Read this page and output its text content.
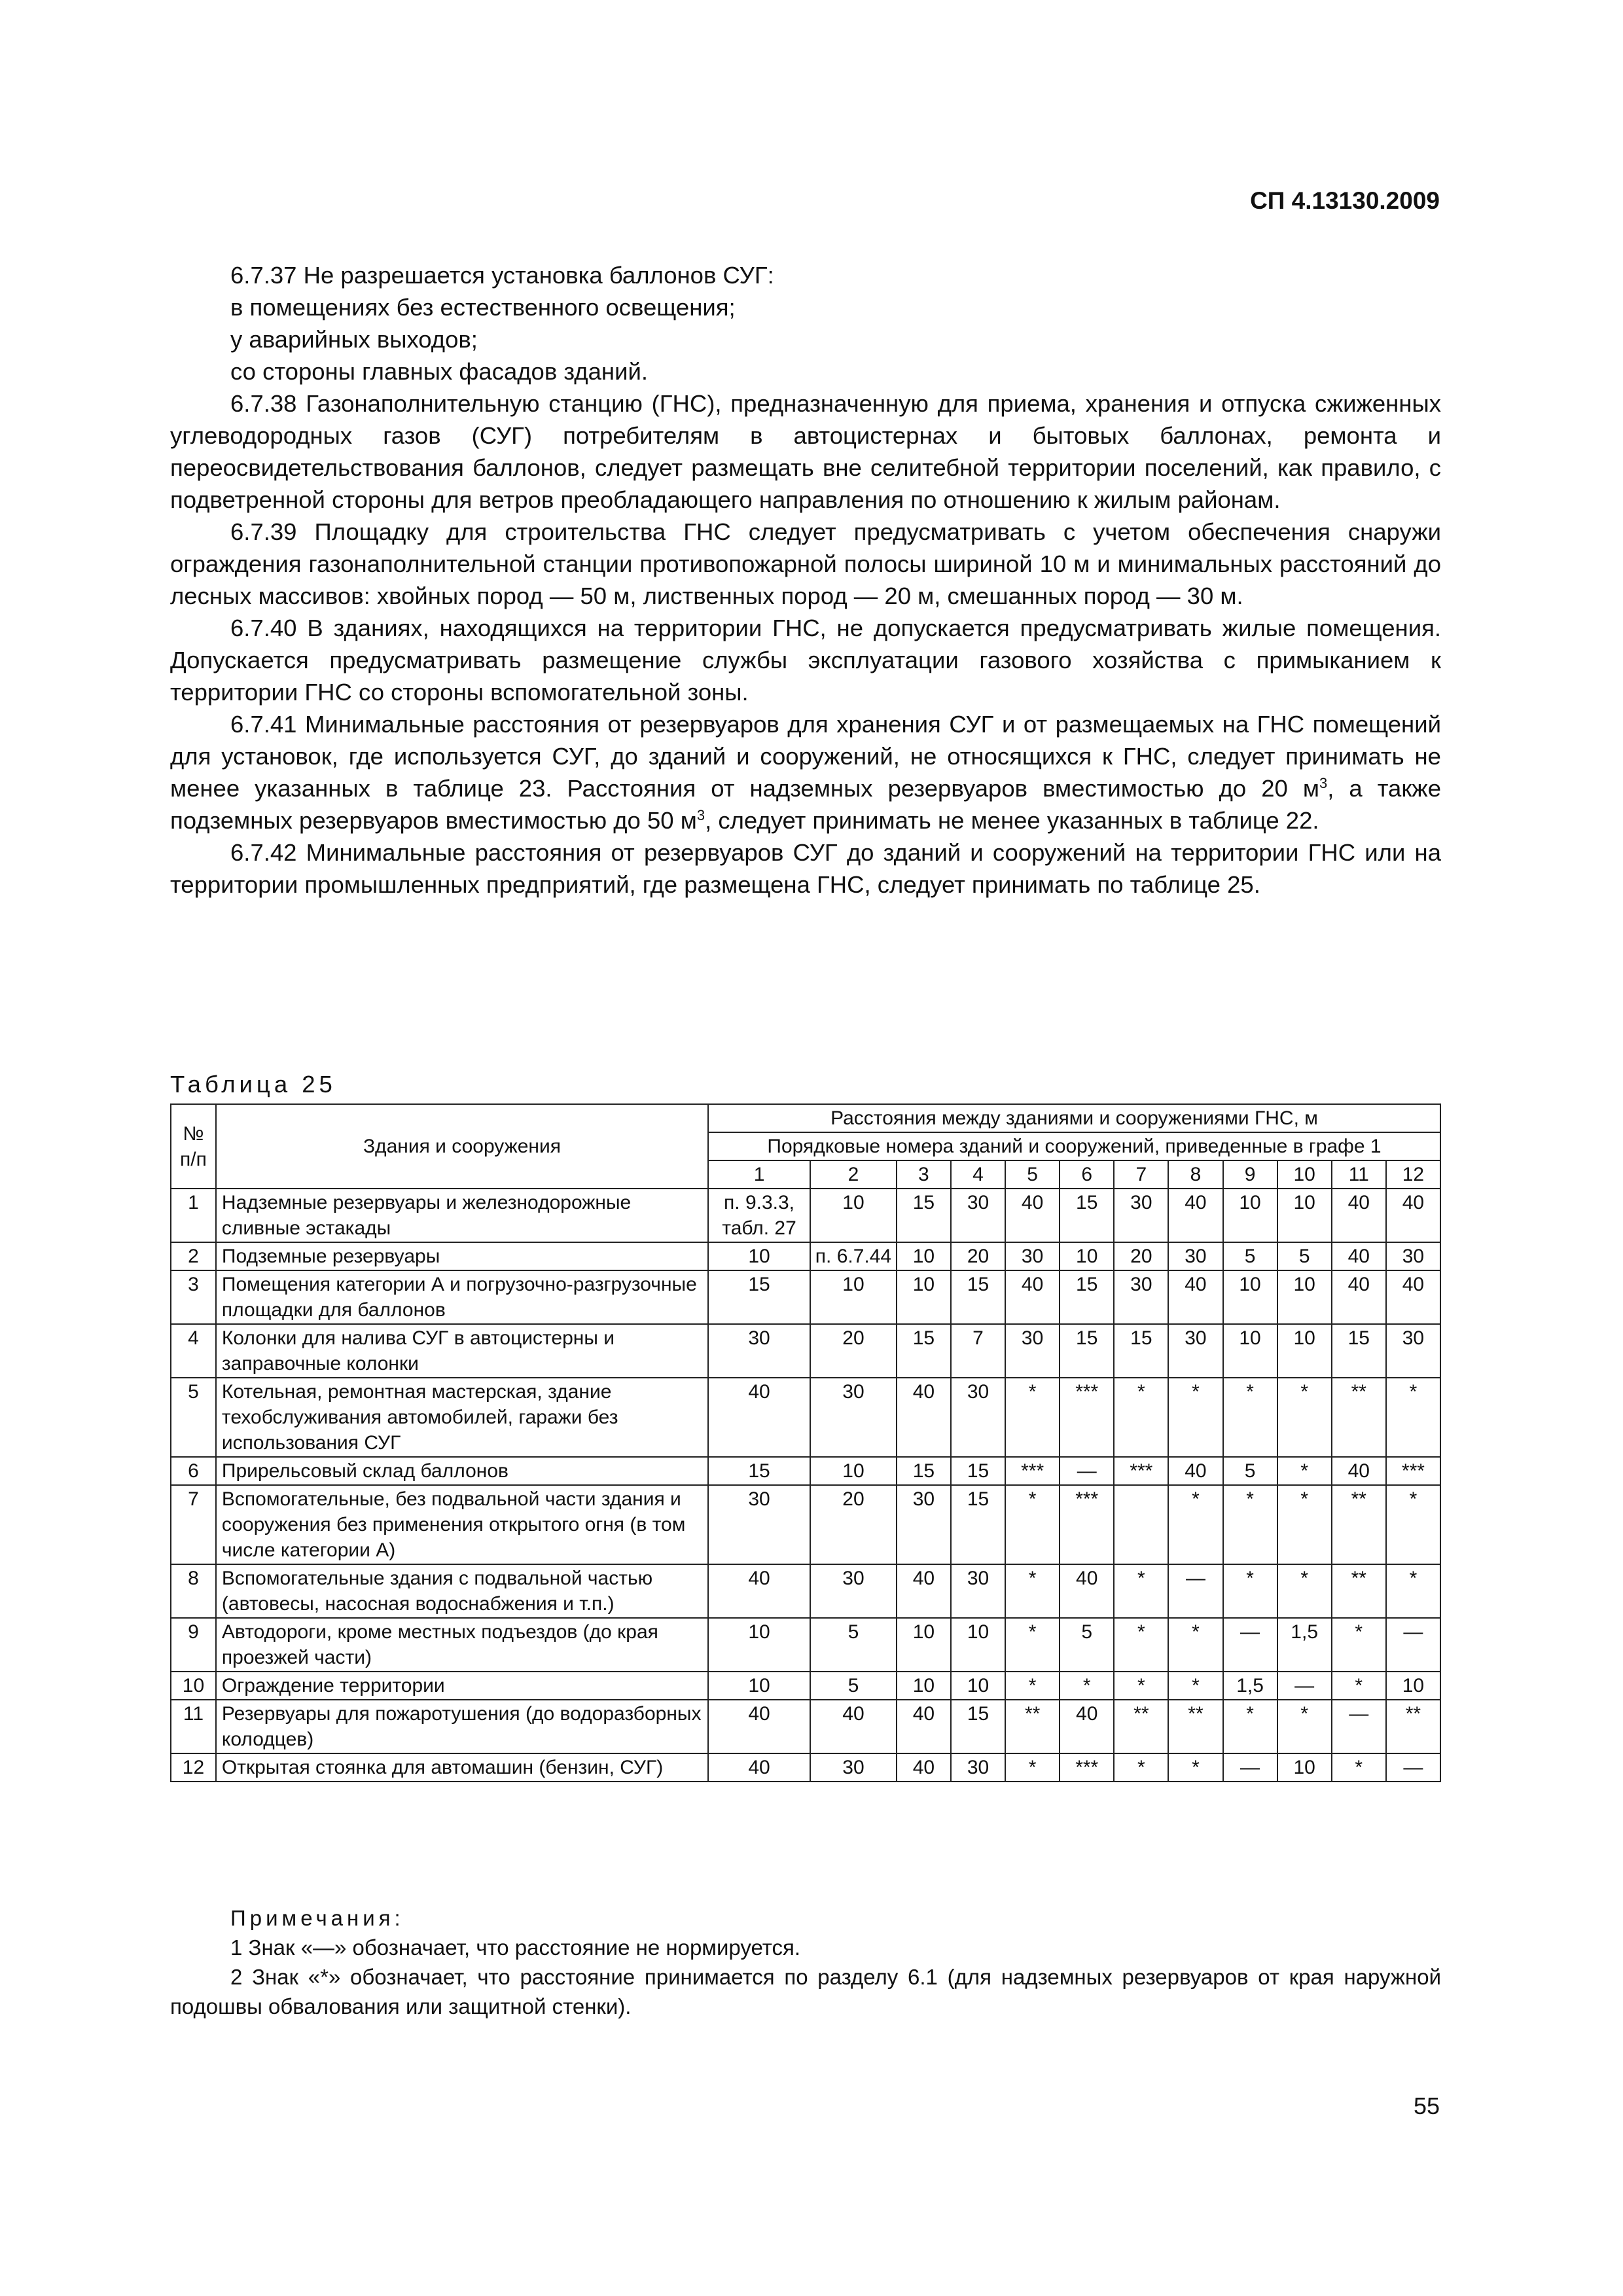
СП 4.13130.2009

6.7.37 Не разрешается установка баллонов СУГ:

в помещениях без естественного освещения;

у аварийных выходов;

со стороны главных фасадов зданий.

6.7.38 Газонаполнительную станцию (ГНС), предназначенную для приема, хранения и отпуска сжиженных углеводородных газов (СУГ) потребителям в автоцистернах и бытовых баллонах, ремонта и переосвидетельствования баллонов, следует размещать вне селитебной территории поселений, как правило, с подветренной стороны для ветров преобладающего направления по отношению к жилым районам.

6.7.39 Площадку для строительства ГНС следует предусматривать с учетом обеспечения снаружи ограждения газонаполнительной станции противопожарной полосы шириной 10 м и минимальных расстояний до лесных массивов: хвойных пород — 50 м, лиственных пород — 20 м, смешанных пород — 30 м.

6.7.40 В зданиях, находящихся на территории ГНС, не допускается предусматривать жилые помещения. Допускается предусматривать размещение службы эксплуатации газового хозяйства с примыканием к территории ГНС со стороны вспомогательной зоны.

6.7.41 Минимальные расстояния от резервуаров для хранения СУГ и от размещаемых на ГНС помещений для установок, где используется СУГ, до зданий и сооружений, не относящихся к ГНС, следует принимать не менее указанных в таблице 23. Расстояния от надземных резервуаров вместимостью до 20 $м^3$, а также подземных резервуаров вместимостью до 50 $м^3$, следует принимать не менее указанных в таблице 22.

6.7.42 Минимальные расстояния от резервуаров СУГ до зданий и сооружений на территории ГНС или на территории промышленных предприятий, где размещена ГНС, следует принимать по таблице 25.

Таблица 25
№ п/п	Здания и сооружения	Расстояния между зданиями и сооружениями ГНС, м											
		Порядковые номера зданий и сооружений, приведенные в графе 1											
		1	2	3	4	5	6	7	8	9	10	11	12
1	Надземные резервуары и железнодорожные сливные эстакады	п. 9.3.3, табл. 27	10	15	30	40	15	30	40	10	10	40	40
2	Подземные резервуары	10	п. 6.7.44	10	20	30	10	20	30	5	5	40	30
3	Помещения категории А и погрузочно-разгрузочные площадки для баллонов	15	10	10	15	40	15	30	40	10	10	40	40
4	Колонки для налива СУГ в автоцистерны и заправочные колонки	30	20	15	7	30	15	15	30	10	10	15	30
5	Котельная, ремонтная мастерская, здание техобслуживания автомобилей, гаражи без использования СУГ	40	30	40	30	*	***	*	*	*	*	**	*
6	Прирельсовый склад баллонов	15	10	15	15	***	—	***	40	5	*	40	***
7	Вспомогательные, без подвальной части здания и сооружения без применения открытого огня (в том числе категории А)	30	20	30	15	*	***		*	*	*	**	*
8	Вспомогательные здания с подвальной частью (автовесы, насосная водоснабжения и т.п.)	40	30	40	30	*	40	*	—	*	*	**	*
9	Автодороги, кроме местных подъездов (до края проезжей части)	10	5	10	10	*	5	*	*	—	1,5	*	—
10	Ограждение территории	10	5	10	10	*	*	*	*	1,5	—	*	10
11	Резервуары для пожаротушения (до водоразборных колодцев)	40	40	40	15	**	40	**	**	*	*	—	**
12	Открытая стоянка для автомашин (бензин, СУГ)	40	30	40	30	*	***	*	*	—	10	*	—

Примечания:

1 Знак «—» обозначает, что расстояние не нормируется.

2 Знак «*» обозначает, что расстояние принимается по разделу 6.1 (для надземных резервуаров от края наружной подошвы обвалования или защитной стенки).

55
